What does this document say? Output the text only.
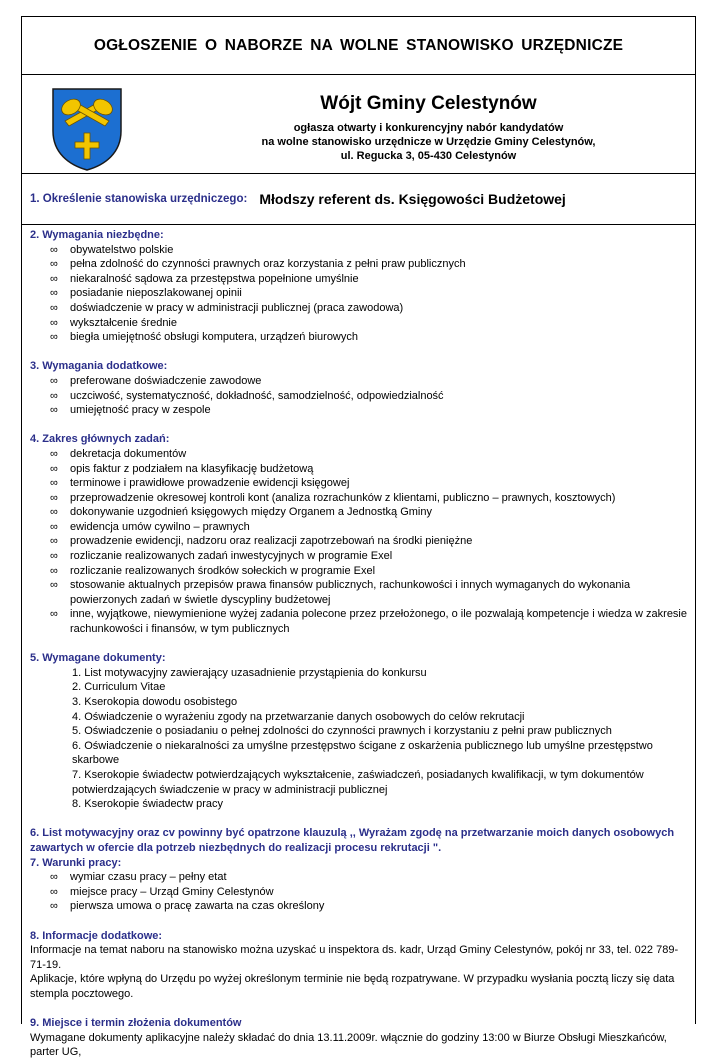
OGŁOSZENIE O NABORZE NA WOLNE STANOWISKO URZĘDNICZE
Wójt Gminy Celestynów
ogłasza otwarty i konkurencyjny nabór kandydatów
na wolne stanowisko urzędnicze w Urzędzie Gminy Celestynów,
ul. Regucka 3, 05-430 Celestynów
1. Określenie stanowiska urzędniczego: Młodszy referent ds. Księgowości Budżetowej
2. Wymagania niezbędne:
∞ obywatelstwo polskie
∞ pełna zdolność do czynności prawnych oraz korzystania z pełni praw publicznych
∞ niekaralność sądowa za przestępstwa popełnione umyślnie
∞ posiadanie nieposzlakowanej opinii
∞ doświadczenie w pracy w administracji publicznej (praca zawodowa)
∞ wykształcenie średnie
∞ biegła umiejętność obsługi komputera, urządzeń biurowych
3. Wymagania dodatkowe:
∞ preferowane doświadczenie zawodowe
∞ uczciwość, systematyczność, dokładność, samodzielność, odpowiedzialność
∞ umiejętność pracy w zespole
4. Zakres głównych zadań:
∞ dekretacja dokumentów
∞ opis faktur z podziałem na klasyfikację budżetową
∞ terminowe i prawidłowe prowadzenie ewidencji księgowej
∞ przeprowadzenie okresowej kontroli kont (analiza rozrachunków z klientami, publiczno – prawnych, kosztowych)
∞ dokonywanie uzgodnień księgowych między Organem a Jednostką Gminy
∞ ewidencja umów cywilno – prawnych
∞ prowadzenie ewidencji, nadzoru oraz realizacji zapotrzebowań na środki pieniężne
∞ rozliczanie realizowanych zadań inwestycyjnych w programie Exel
∞ rozliczanie realizowanych środków sołeckich w programie Exel
∞ stosowanie aktualnych przepisów prawa finansów publicznych, rachunkowości i innych wymaganych do wykonania powierzonych zadań w świetle dyscypliny budżetowej
∞ inne, wyjątkowe, niewymienione wyżej zadania polecone przez przełożonego, o ile pozwalają kompetencje i wiedza w zakresie rachunkowości i finansów, w tym publicznych
5. Wymagane dokumenty:
1. List motywacyjny zawierający uzasadnienie przystąpienia do konkursu
2. Curriculum Vitae
3. Kserokopia dowodu osobistego
4. Oświadczenie o wyrażeniu zgody na przetwarzanie danych osobowych do celów rekrutacji
5. Oświadczenie o posiadaniu o pełnej zdolności do czynności prawnych i korzystaniu z pełni praw publicznych
6. Oświadczenie o niekaralności za umyślne przestępstwo ścigane z oskarżenia publicznego lub umyślne przestępstwo skarbowe
7. Kserokopie świadectw potwierdzających wykształcenie, zaświadczeń, posiadanych kwalifikacji, w tym dokumentów potwierdzających świadczenie w pracy w administracji publicznej
8. Kserokopie świadectw pracy
6. List motywacyjny oraz cv powinny być opatrzone klauzulą ,, Wyrażam zgodę na przetwarzanie moich danych osobowych zawartych w ofercie dla potrzeb niezbędnych do realizacji procesu rekrutacji ".
7. Warunki pracy:
∞ wymiar czasu pracy – pełny etat
∞ miejsce pracy – Urząd Gminy Celestynów
∞ pierwsza umowa o pracę zawarta na czas określony
8. Informacje dodatkowe:

Informacje na temat naboru na stanowisko można uzyskać u inspektora ds. kadr, Urząd Gminy Celestynów, pokój nr 33, tel. 022 789-71-19.

Aplikacje, które wpłyną do Urzędu po wyżej określonym terminie nie będą rozpatrywane. W przypadku wysłania pocztą liczy się data stempla pocztowego.

9. Miejsce i termin złożenia dokumentów

Wymagane dokumenty aplikacyjne należy składać do dnia 13.11.2009r. włącznie do godziny 13:00 w Biurze Obsługi Mieszkańców, parter UG,
